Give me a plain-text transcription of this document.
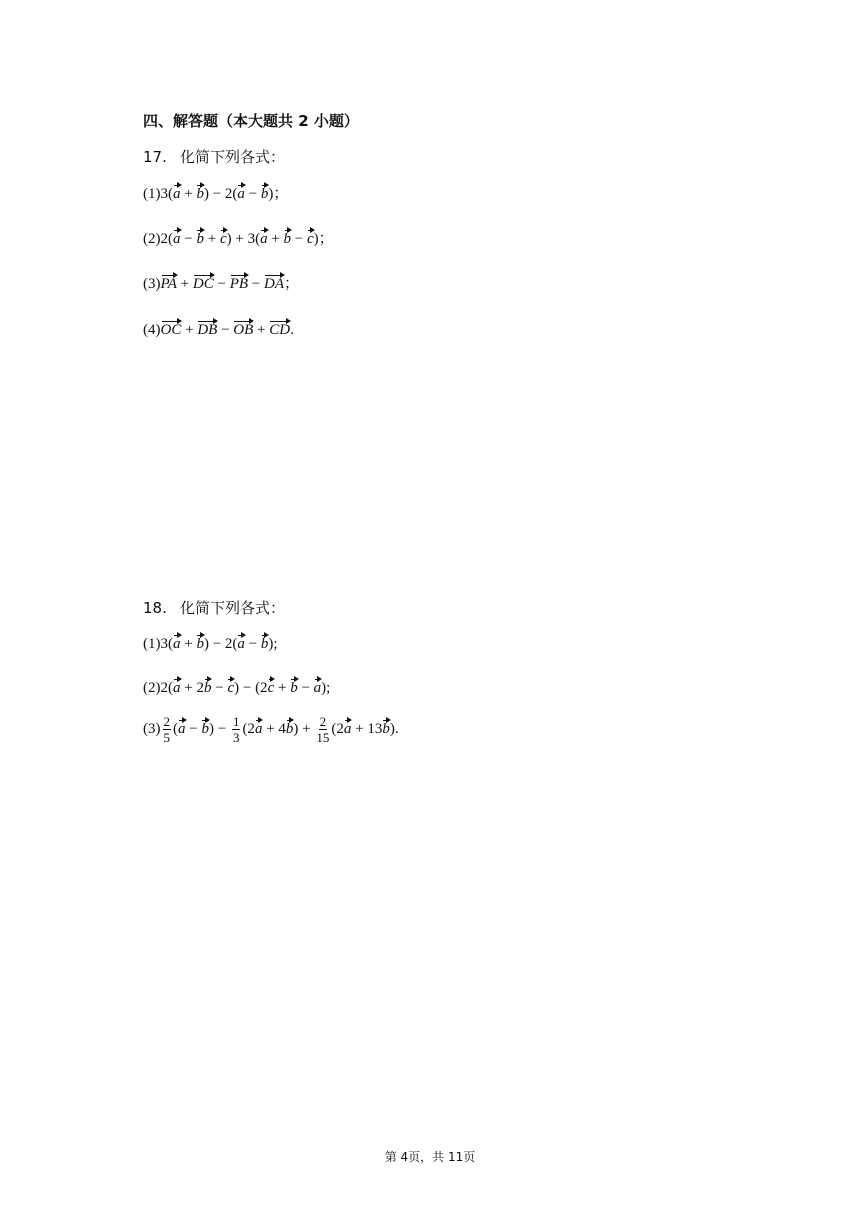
四、解答题（本大题共 2 小题）
17. 化简下列各式：
(1)3(a + b) − 2(a − b)；
(2)2(a − b + c) + 3(a + b − c)；
(3)PA + DC − PB − DA；
(4)OC + DB − OB + CD.
18. 化简下列各式：
(1)3(a + b) − 2(a − b);
(2)2(a + 2b − c) − (2c + b − a);
$(3) \frac{2}{5} (a - b) - \frac{1}{3} (2a + 4b) + \frac{2}{15} (2a + 13b)$.
第 4页，共 11页
